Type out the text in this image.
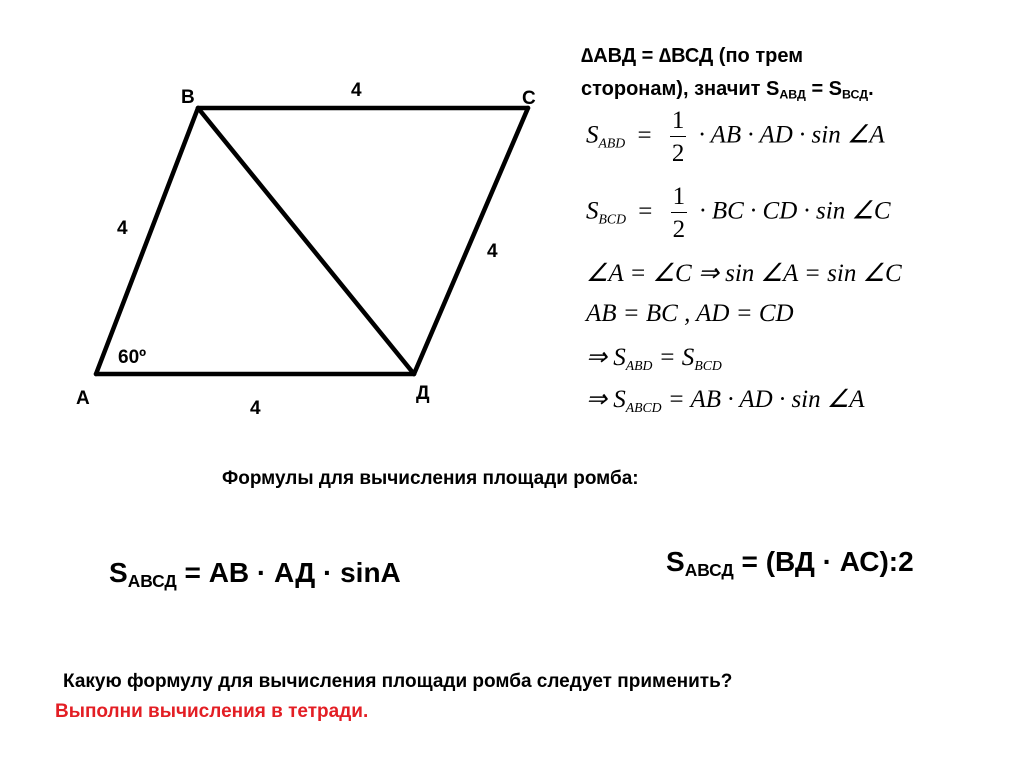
B	C
A	Д
4
4
4
4
60º
∆АВД = ∆ВСД (по трем
сторонам), значит $S_{АВД} = S_{ВСД}$.
SABD = $\frac{1}{2}$ · AB · AD · sin ∠A
SBCD = $\frac{1}{2}$ · BC · CD · sin ∠C
∠A = ∠C ⇒ sin ∠A = sin ∠C
AB = BC , AD = CD
⇒ SABD = SBCD
⇒ SABCD = AB · AD · sin ∠A
Формулы для вычисления площади ромба:
$S_{АВСД}$ = АВ · АД · sinA	$S_{АВСД} = (ВД$ · АС):2
Какую формулу для вычисления площади ромба следует применить?
Выполни вычисления в тетради.
